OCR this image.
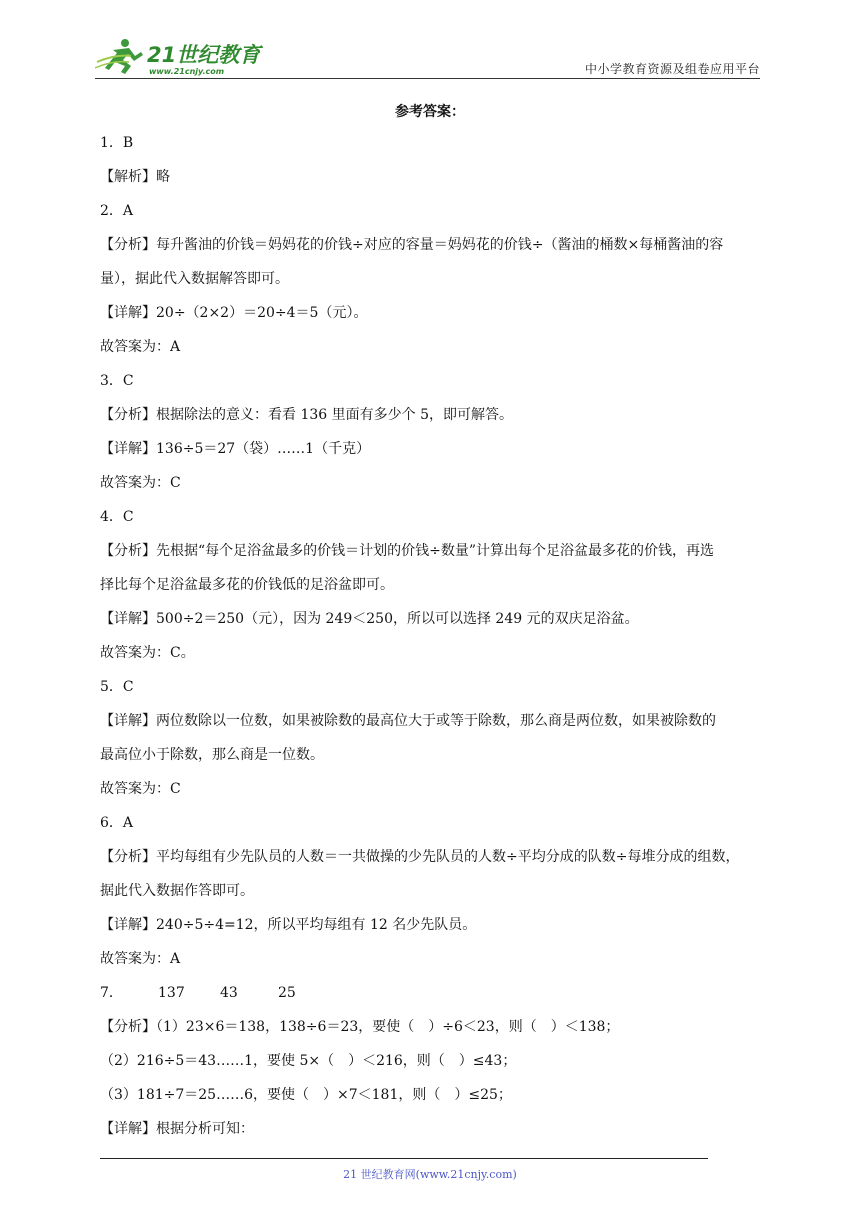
21世纪教育
www.21cnjy.com	中小学教育资源及组卷应用平台
参考答案：
1．B
【解析】略
2．A
【分析】每升酱油的价钱＝妈妈花的价钱÷对应的容量＝妈妈花的价钱÷（酱油的桶数×每桶酱油的容
量），据此代入数据解答即可。
【详解】20÷（2×2）＝20÷4＝5（元）。
故答案为：A
3．C
【分析】根据除法的意义：看看 136 里面有多少个 5，即可解答。
【详解】136÷5＝27（袋）……1（千克）
故答案为：C
4．C
【分析】先根据“每个足浴盆最多的价钱＝计划的价钱÷数量”计算出每个足浴盆最多花的价钱，再选
择比每个足浴盆最多花的价钱低的足浴盆即可。
【详解】500÷2＝250（元），因为 249＜250，所以可以选择 249 元的双庆足浴盆。
故答案为：C。
5．C
【详解】两位数除以一位数，如果被除数的最高位大于或等于除数，那么商是两位数，如果被除数的
最高位小于除数，那么商是一位数。
故答案为：C
6．A
【分析】平均每组有少先队员的人数＝一共做操的少先队员的人数÷平均分成的队数÷每堆分成的组数，
据此代入数据作答即可。
【详解】240÷5÷4=12，所以平均每组有 12 名少先队员。
故答案为：A
7．	137	43	25
【分析】（1）23×6＝138，138÷6＝23，要使（　）÷6＜23，则（　）＜138；
（2）216÷5＝43……1，要使 5×（　）＜216，则（　）≤43；
（3）181÷7＝25……6，要使（　）×7＜181，则（　）≤25；
【详解】根据分析可知：
21 世纪教育网(www.21cnjy.com)
